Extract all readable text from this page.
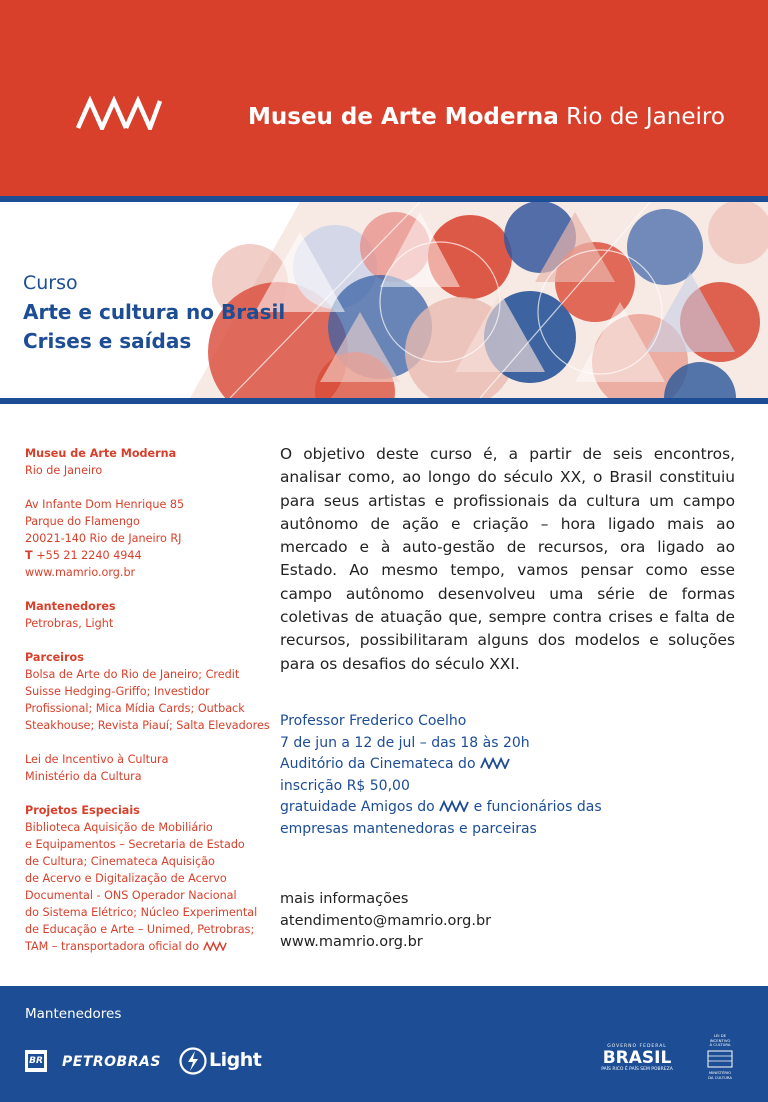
Museu de Arte Moderna Rio de Janeiro
Curso
Arte e cultura no Brasil
Crises e saídas
Museu de Arte Moderna
Rio de Janeiro
Av Infante Dom Henrique 85
Parque do Flamengo
20021-140 Rio de Janeiro RJ
T +55 21 2240 4944
www.mamrio.org.br
Mantenedores
Petrobras, Light
Parceiros
Bolsa de Arte do Rio de Janeiro; Credit
Suisse Hedging-Griffo; Investidor
Profissional; Mica Mídia Cards; Outback
Steakhouse; Revista Piauí; Salta Elevadores
Lei de Incentivo à Cultura
Ministério da Cultura
Projetos Especiais
Biblioteca Aquisição de Mobiliário
e Equipamentos – Secretaria de Estado
de Cultura; Cinemateca Aquisição
de Acervo e Digitalização de Acervo
Documental - ONS Operador Nacional
do Sistema Elétrico; Núcleo Experimental
de Educação e Arte – Unimed, Petrobras;
TAM – transportadora oficial do
O objetivo deste curso é, a partir de seis encontros, analisar como, ao longo do século XX, o Brasil constituiu para seus artistas e profissionais da cultura um campo autônomo de ação e criação – hora ligado mais ao mercado e à auto-gestão de recursos, ora ligado ao Estado. Ao mesmo tempo, vamos pensar como esse campo autônomo desenvolveu uma série de formas coletivas de atuação que, sempre contra crises e falta de recursos, possibilitaram alguns dos modelos e soluções para os desafios do século XXI.
Professor Frederico Coelho
7 de jun a 12 de jul – das 18 às 20h
Auditório da Cinemateca do
inscrição R$ 50,00
gratuidade Amigos do	e funcionários das
empresas mantenedoras e parceiras
mais informações
atendimento@mamrio.org.br
www.mamrio.org.br
Mantenedores
BR PETROBRAS	Light
GOVERNO FEDERAL
BRASIL
PAÍS RICO É PAÍS SEM POBREZA
LEI DE
INCENTIVO
À CULTURA
MINISTÉRIO
DA CULTURA
